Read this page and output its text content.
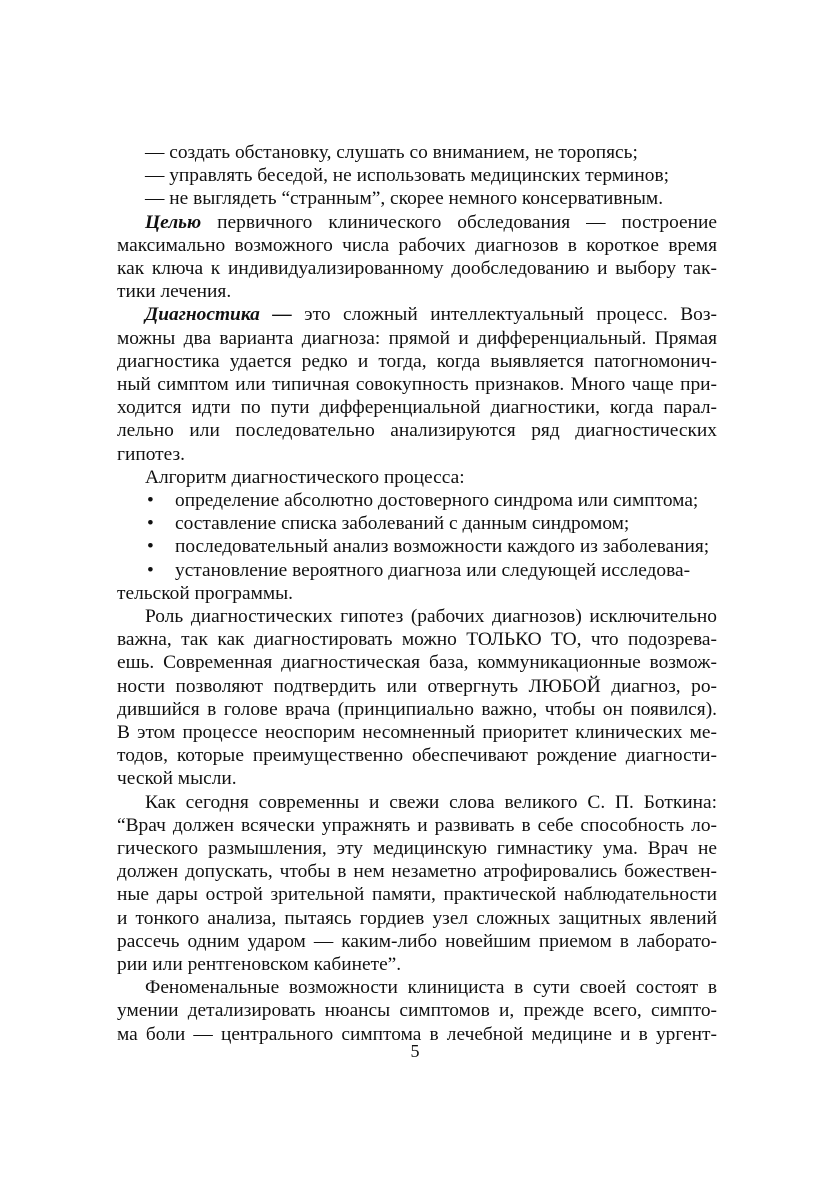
— создать обстановку, слушать со вниманием, не торопясь;
— управлять беседой, не использовать медицинских терминов;
— не выглядеть “странным”, скорее немного консервативным.
Целью первичного клинического обследования — построение
максимально возможного числа рабочих диагнозов в короткое время
как ключа к индивидуализированному дообследованию и выбору так-
тики лечения.
Диагностика — это сложный интеллектуальный процесс. Воз-
можны два варианта диагноза: прямой и дифференциальный. Прямая
диагностика удается редко и тогда, когда выявляется патогномонич-
ный симптом или типичная совокупность признаков. Много чаще при-
ходится идти по пути дифференциальной диагностики, когда парал-
лельно или последовательно анализируются ряд диагностических
гипотез.
Алгоритм диагностического процесса:
• определение абсолютно достоверного синдрома или симптома;
• составление списка заболеваний с данным синдромом;
• последовательный анализ возможности каждого из заболевания;
• установление вероятного диагноза или следующей исследова-
тельской программы.
Роль диагностических гипотез (рабочих диагнозов) исключительно
важна, так как диагностировать можно ТОЛЬКО ТО, что подозрева-
ешь. Современная диагностическая база, коммуникационные возмож-
ности позволяют подтвердить или отвергнуть ЛЮБОЙ диагноз, ро-
дившийся в голове врача (принципиально важно, чтобы он появился).
В этом процессе неоспорим несомненный приоритет клинических ме-
тодов, которые преимущественно обеспечивают рождение диагности-
ческой мысли.
Как сегодня современны и свежи слова великого С. П. Боткина:
“Врач должен всячески упражнять и развивать в себе способность ло-
гического размышления, эту медицинскую гимнастику ума. Врач не
должен допускать, чтобы в нем незаметно атрофировались божествен-
ные дары острой зрительной памяти, практической наблюдательности
и тонкого анализа, пытаясь гордиев узел сложных защитных явлений
рассечь одним ударом — каким-либо новейшим приемом в лаборато-
рии или рентгеновском кабинете”.
Феноменальные возможности клинициста в сути своей состоят в
умении детализировать нюансы симптомов и, прежде всего, симпто-
ма боли — центрального симптома в лечебной медицине и в ургент-
5
